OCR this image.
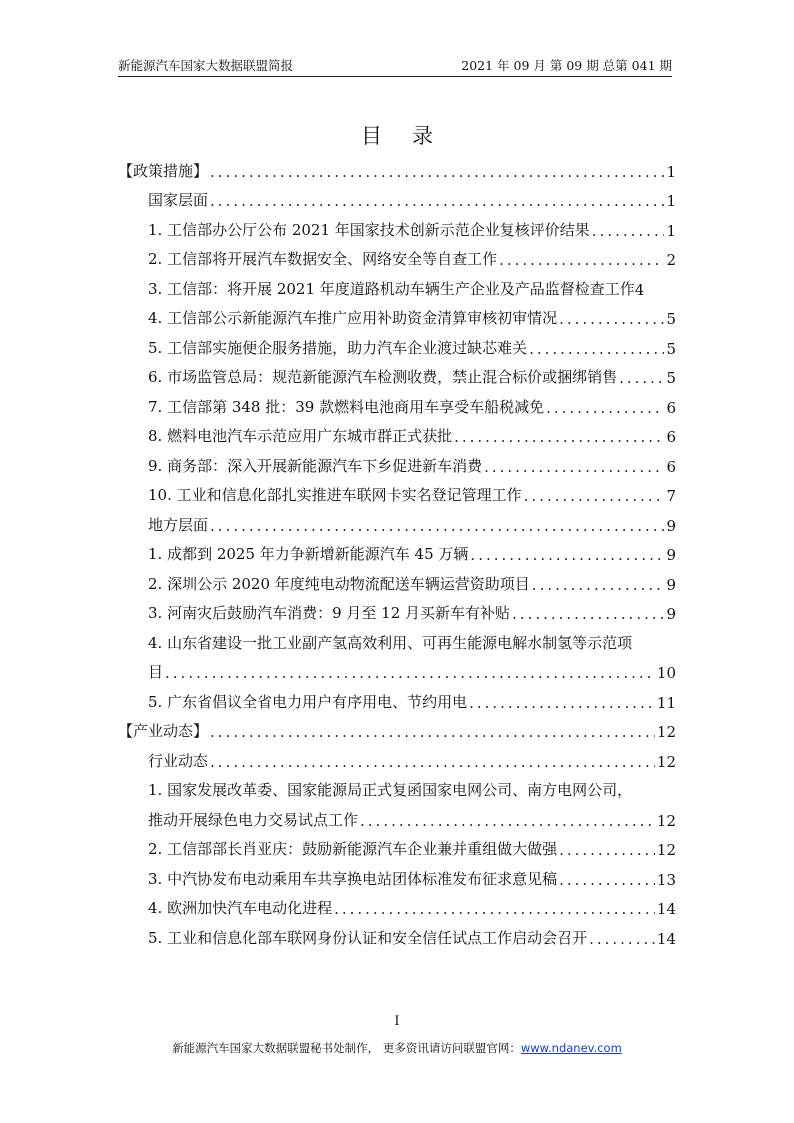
新能源汽车国家大数据联盟简报	2021 年 09 月 第 09 期 总第 041 期
目录
【政策措施】 .....	1
国家层面 .....	1
1. 工信部办公厅公布 2021 年国家技术创新示范企业复核评价结果 .....	1
2. 工信部将开展汽车数据安全、网络安全等自查工作 .....	2
3. 工信部：将开展 2021 年度道路机动车辆生产企业及产品监督检查工作 4
4. 工信部公示新能源汽车推广应用补助资金清算审核初审情况 .....	5
5. 工信部实施便企服务措施，助力汽车企业渡过缺芯难关 .....	5
6. 市场监管总局：规范新能源汽车检测收费，禁止混合标价或捆绑销售 .....	5
7. 工信部第 348 批：39 款燃料电池商用车享受车船税减免 .....	6
8. 燃料电池汽车示范应用广东城市群正式获批 .....	6
9. 商务部：深入开展新能源汽车下乡促进新车消费 .....	6
10. 工业和信息化部扎实推进车联网卡实名登记管理工作 .....	7
地方层面 .....	9
1. 成都到 2025 年力争新增新能源汽车 45 万辆 .....	9
2. 深圳公示 2020 年度纯电动物流配送车辆运营资助项目 .....	9
3. 河南灾后鼓励汽车消费：9 月至 12 月买新车有补贴 .....	9
4. 山东省建设一批工业副产氢高效利用、可再生能源电解水制氢等示范项
目 .....	10
5. 广东省倡议全省电力用户有序用电、节约用电 .....	11
【产业动态】 .....	12
行业动态 .....	12
1. 国家发展改革委、国家能源局正式复函国家电网公司、南方电网公司，
推动开展绿色电力交易试点工作 .....	12
2. 工信部部长肖亚庆：鼓励新能源汽车企业兼并重组做大做强 .....	12
3. 中汽协发布电动乘用车共享换电站团体标准发布征求意见稿 .....	13
4. 欧洲加快汽车电动化进程 .....	14
5. 工业和信息化部车联网身份认证和安全信任试点工作启动会召开 .....	14
I
新能源汽车国家大数据联盟秘书处制作， 更多资讯请访问联盟官网：www.ndanev.com
